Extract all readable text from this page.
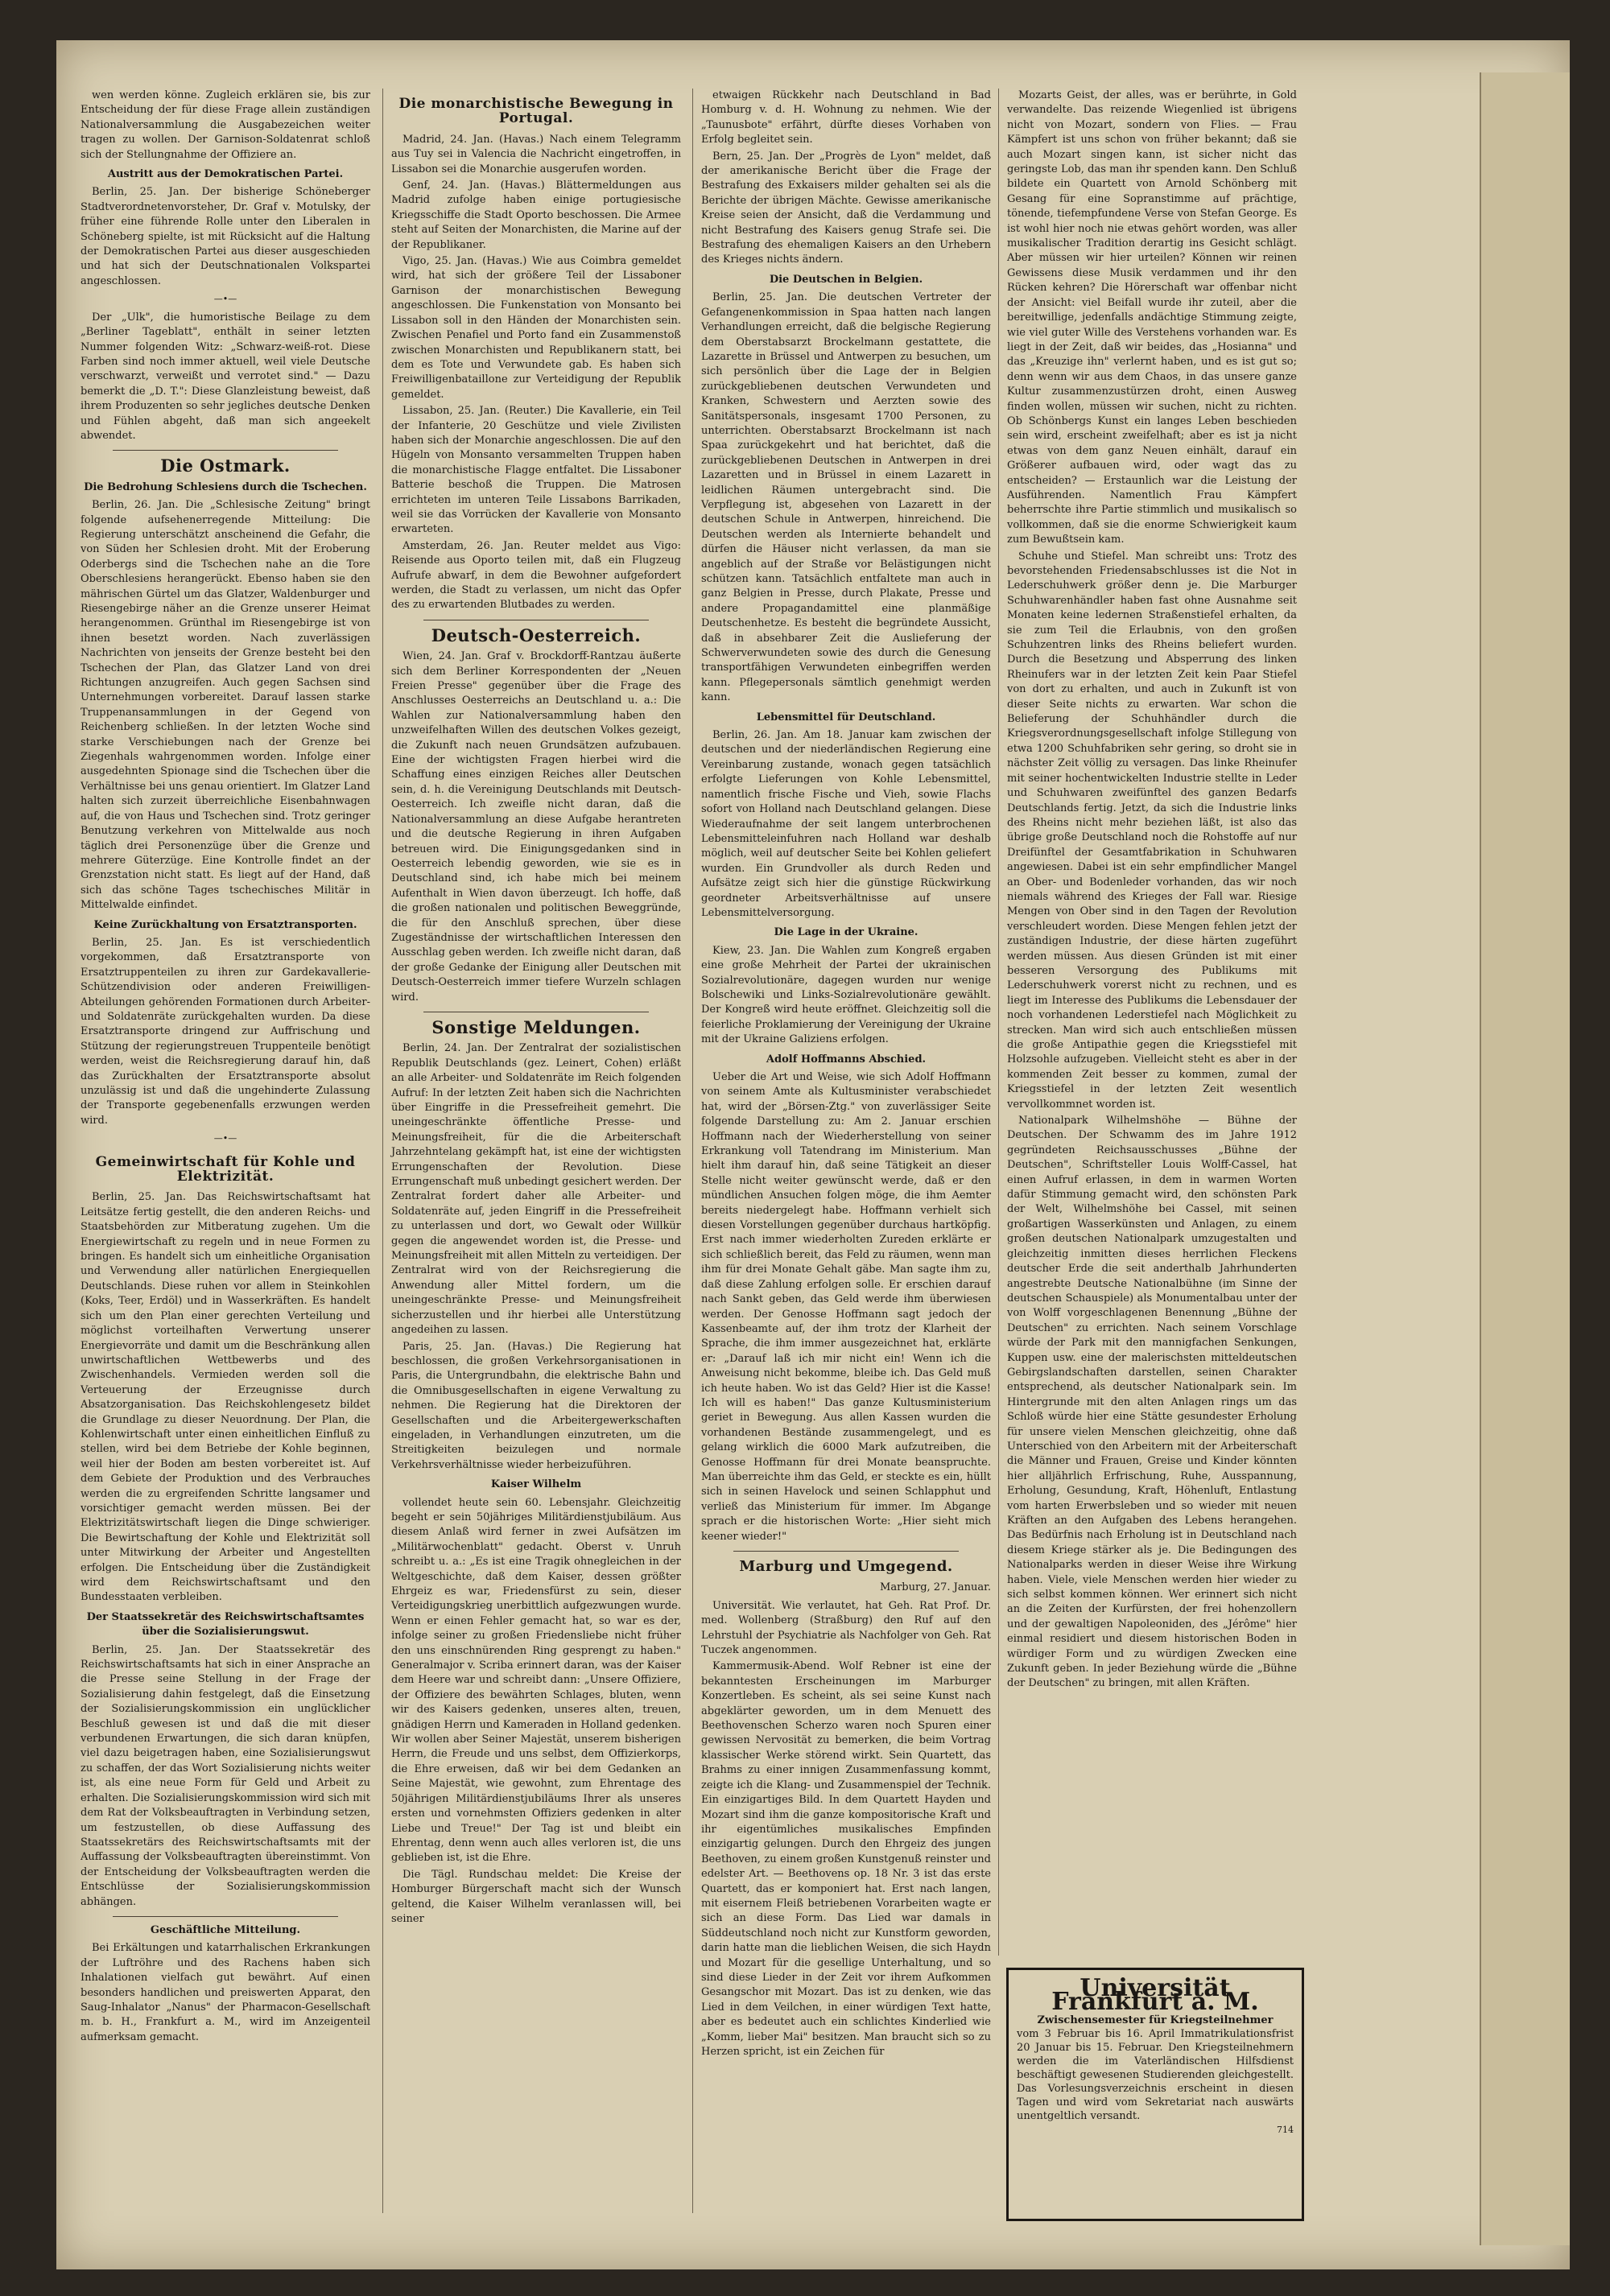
wen werden könne. Zugleich erklären sie, bis zur Entscheidung der für diese Frage allein zuständigen Nationalversammlung die Ausgabezeichen weiter tragen zu wollen. Der Garnison-Soldatenrat schloß sich der Stellungnahme der Offiziere an.

Austritt aus der Demokratischen Partei.

Berlin, 25. Jan. Der bisherige Schöneberger Stadtverordnetenvorsteher, Dr. Graf v. Motulsky, der früher eine führende Rolle unter den Liberalen in Schöneberg spielte, ist mit Rücksicht auf die Haltung der Demokratischen Partei aus dieser ausgeschieden und hat sich der Deutschnationalen Volkspartei angeschlossen.

—•—

Der „Ulk", die humoristische Beilage zu dem „Berliner Tageblatt", enthält in seiner letzten Nummer folgenden Witz: „Schwarz-weiß-rot. Diese Farben sind noch immer aktuell, weil viele Deutsche verschwarzt, verweißt und verrotet sind." — Dazu bemerkt die „D. T.": Diese Glanzleistung beweist, daß ihrem Produzenten so sehr jegliches deutsche Denken und Fühlen abgeht, daß man sich angeekelt abwendet.

Die Ostmark.
Die Bedrohung Schlesiens durch die Tschechen.

Berlin, 26. Jan. Die „Schlesische Zeitung" bringt folgende aufsehenerregende Mitteilung: Die Regierung unterschätzt anscheinend die Gefahr, die von Süden her Schlesien droht. Mit der Eroberung Oderbergs sind die Tschechen nahe an die Tore Oberschlesiens herangerückt. Ebenso haben sie den mährischen Gürtel um das Glatzer, Waldenburger und Riesengebirge näher an die Grenze unserer Heimat herangenommen. Grünthal im Riesengebirge ist von ihnen besetzt worden. Nach zuverlässigen Nachrichten von jenseits der Grenze besteht bei den Tschechen der Plan, das Glatzer Land von drei Richtungen anzugreifen. Auch gegen Sachsen sind Unternehmungen vorbereitet. Darauf lassen starke Truppenansammlungen in der Gegend von Reichenberg schließen. In der letzten Woche sind starke Verschiebungen nach der Grenze bei Ziegenhals wahrgenommen worden. Infolge einer ausgedehnten Spionage sind die Tschechen über die Verhältnisse bei uns genau orientiert. Im Glatzer Land halten sich zurzeit überreichliche Eisenbahnwagen auf, die von Haus und Tschechen sind. Trotz geringer Benutzung verkehren von Mittelwalde aus noch täglich drei Personenzüge über die Grenze und mehrere Güterzüge. Eine Kontrolle findet an der Grenzstation nicht statt. Es liegt auf der Hand, daß sich das schöne Tages tschechisches Militär in Mittelwalde einfindet.

Keine Zurückhaltung von Ersatztransporten.

Berlin, 25. Jan. Es ist verschiedentlich vorgekommen, daß Ersatztransporte von Ersatztruppenteilen zu ihren zur Gardekavallerie-Schützendivision oder anderen Freiwilligen-Abteilungen gehörenden Formationen durch Arbeiter- und Soldatenräte zurückgehalten wurden. Da diese Ersatztransporte dringend zur Auffrischung und Stützung der regierungstreuen Truppenteile benötigt werden, weist die Reichsregierung darauf hin, daß das Zurückhalten der Ersatztransporte absolut unzulässig ist und daß die ungehinderte Zulassung der Transporte gegebenenfalls erzwungen werden wird.

—•—
Gemeinwirtschaft für Kohle und Elektrizität.

Berlin, 25. Jan. Das Reichswirtschaftsamt hat Leitsätze fertig gestellt, die den anderen Reichs- und Staatsbehörden zur Mitberatung zugehen. Um die Energiewirtschaft zu regeln und in neue Formen zu bringen. Es handelt sich um einheitliche Organisation und Verwendung aller natürlichen Energiequellen Deutschlands. Diese ruhen vor allem in Steinkohlen (Koks, Teer, Erdöl) und in Wasserkräften. Es handelt sich um den Plan einer gerechten Verteilung und möglichst vorteilhaften Verwertung unserer Energievorräte und damit um die Beschränkung allen unwirtschaftlichen Wettbewerbs und des Zwischenhandels. Vermieden werden soll die Verteuerung der Erzeugnisse durch Absatzorganisation. Das Reichskohlengesetz bildet die Grundlage zu dieser Neuordnung. Der Plan, die Kohlenwirtschaft unter einen einheitlichen Einfluß zu stellen, wird bei dem Betriebe der Kohle beginnen, weil hier der Boden am besten vorbereitet ist. Auf dem Gebiete der Produktion und des Verbrauches werden die zu ergreifenden Schritte langsamer und vorsichtiger gemacht werden müssen. Bei der Elektrizitätswirtschaft liegen die Dinge schwieriger. Die Bewirtschaftung der Kohle und Elektrizität soll unter Mitwirkung der Arbeiter und Angestellten erfolgen. Die Entscheidung über die Zuständigkeit wird dem Reichswirtschaftsamt und den Bundesstaaten verbleiben.

Der Staatssekretär des Reichswirtschaftsamtes über die Sozialisierungswut.

Berlin, 25. Jan. Der Staatssekretär des Reichswirtschaftsamts hat sich in einer Ansprache an die Presse seine Stellung in der Frage der Sozialisierung dahin festgelegt, daß die Einsetzung der Sozialisierungskommission ein unglücklicher Beschluß gewesen ist und daß die mit dieser verbundenen Erwartungen, die sich daran knüpfen, viel dazu beigetragen haben, eine Sozialisierungswut zu schaffen, der das Wort Sozialisierung nichts weiter ist, als eine neue Form für Geld und Arbeit zu erhalten. Die Sozialisierungskommission wird sich mit dem Rat der Volksbeauftragten in Verbindung setzen, um festzustellen, ob diese Auffassung des Staatssekretärs des Reichswirtschaftsamts mit der Auffassung der Volksbeauftragten übereinstimmt. Von der Entscheidung der Volksbeauftragten werden die Entschlüsse der Sozialisierungskommission abhängen.

Geschäftliche Mitteilung.

Bei Erkältungen und katarrhalischen Erkrankungen der Luftröhre und des Rachens haben sich Inhalationen vielfach gut bewährt. Auf einen besonders handlichen und preiswerten Apparat, den Saug-Inhalator „Nanus" der Pharmacon-Gesellschaft m. b. H., Frankfurt a. M., wird im Anzeigenteil aufmerksam gemacht.

Die monarchistische Bewegung in Portugal.

Madrid, 24. Jan. (Havas.) Nach einem Telegramm aus Tuy sei in Valencia die Nachricht eingetroffen, in Lissabon sei die Monarchie ausgerufen worden.

Genf, 24. Jan. (Havas.) Blättermeldungen aus Madrid zufolge haben einige portugiesische Kriegsschiffe die Stadt Oporto beschossen. Die Armee steht auf Seiten der Monarchisten, die Marine auf der der Republikaner.

Vigo, 25. Jan. (Havas.) Wie aus Coimbra gemeldet wird, hat sich der größere Teil der Lissaboner Garnison der monarchistischen Bewegung angeschlossen. Die Funkenstation von Monsanto bei Lissabon soll in den Händen der Monarchisten sein. Zwischen Penafiel und Porto fand ein Zusammenstoß zwischen Monarchisten und Republikanern statt, bei dem es Tote und Verwundete gab. Es haben sich Freiwilligenbataillone zur Verteidigung der Republik gemeldet.

Lissabon, 25. Jan. (Reuter.) Die Kavallerie, ein Teil der Infanterie, 20 Geschütze und viele Zivilisten haben sich der Monarchie angeschlossen. Die auf den Hügeln von Monsanto versammelten Truppen haben die monarchistische Flagge entfaltet. Die Lissaboner Batterie beschoß die Truppen. Die Matrosen errichteten im unteren Teile Lissabons Barrikaden, weil sie das Vorrücken der Kavallerie von Monsanto erwarteten.

Amsterdam, 26. Jan. Reuter meldet aus Vigo: Reisende aus Oporto teilen mit, daß ein Flugzeug Aufrufe abwarf, in dem die Bewohner aufgefordert werden, die Stadt zu verlassen, um nicht das Opfer des zu erwartenden Blutbades zu werden.

Deutsch-Oesterreich.

Wien, 24. Jan. Graf v. Brockdorff-Rantzau äußerte sich dem Berliner Korrespondenten der „Neuen Freien Presse" gegenüber über die Frage des Anschlusses Oesterreichs an Deutschland u. a.: Die Wahlen zur Nationalversammlung haben den unzweifelhaften Willen des deutschen Volkes gezeigt, die Zukunft nach neuen Grundsätzen aufzubauen. Eine der wichtigsten Fragen hierbei wird die Schaffung eines einzigen Reiches aller Deutschen sein, d. h. die Vereinigung Deutschlands mit Deutsch-Oesterreich. Ich zweifle nicht daran, daß die Nationalversammlung an diese Aufgabe herantreten und die deutsche Regierung in ihren Aufgaben betreuen wird. Die Einigungsgedanken sind in Oesterreich lebendig geworden, wie sie es in Deutschland sind, ich habe mich bei meinem Aufenthalt in Wien davon überzeugt. Ich hoffe, daß die großen nationalen und politischen Beweggründe, die für den Anschluß sprechen, über diese Zugeständnisse der wirtschaftlichen Interessen den Ausschlag geben werden. Ich zweifle nicht daran, daß der große Gedanke der Einigung aller Deutschen mit Deutsch-Oesterreich immer tiefere Wurzeln schlagen wird.

Sonstige Meldungen.

Berlin, 24. Jan. Der Zentralrat der sozialistischen Republik Deutschlands (gez. Leinert, Cohen) erläßt an alle Arbeiter- und Soldatenräte im Reich folgenden Aufruf: In der letzten Zeit haben sich die Nachrichten über Eingriffe in die Pressefreiheit gemehrt. Die uneingeschränkte öffentliche Presse- und Meinungsfreiheit, für die die Arbeiterschaft Jahrzehntelang gekämpft hat, ist eine der wichtigsten Errungenschaften der Revolution. Diese Errungenschaft muß unbedingt gesichert werden. Der Zentralrat fordert daher alle Arbeiter- und Soldatenräte auf, jeden Eingriff in die Pressefreiheit zu unterlassen und dort, wo Gewalt oder Willkür gegen die angewendet worden ist, die Presse- und Meinungsfreiheit mit allen Mitteln zu verteidigen. Der Zentralrat wird von der Reichsregierung die Anwendung aller Mittel fordern, um die uneingeschränkte Presse- und Meinungsfreiheit sicherzustellen und ihr hierbei alle Unterstützung angedeihen zu lassen.

Paris, 25. Jan. (Havas.) Die Regierung hat beschlossen, die großen Verkehrsorganisationen in Paris, die Untergrundbahn, die elektrische Bahn und die Omnibusgesellschaften in eigene Verwaltung zu nehmen. Die Regierung hat die Direktoren der Gesellschaften und die Arbeitergewerkschaften eingeladen, in Verhandlungen einzutreten, um die Streitigkeiten beizulegen und normale Verkehrsverhältnisse wieder herbeizuführen.

Kaiser Wilhelm

vollendet heute sein 60. Lebensjahr. Gleichzeitig begeht er sein 50jähriges Militärdienstjubiläum. Aus diesem Anlaß wird ferner in zwei Aufsätzen im „Militärwochenblatt" gedacht. Oberst v. Unruh schreibt u. a.: „Es ist eine Tragik ohnegleichen in der Weltgeschichte, daß dem Kaiser, dessen größter Ehrgeiz es war, Friedensfürst zu sein, dieser Verteidigungskrieg unerbittlich aufgezwungen wurde. Wenn er einen Fehler gemacht hat, so war es der, infolge seiner zu großen Friedensliebe nicht früher den uns einschnürenden Ring gesprengt zu haben." Generalmajor v. Scriba erinnert daran, was der Kaiser dem Heere war und schreibt dann: „Unsere Offiziere, der Offiziere des bewährten Schlages, bluten, wenn wir des Kaisers gedenken, unseres alten, treuen, gnädigen Herrn und Kameraden in Holland gedenken. Wir wollen aber Seiner Majestät, unserem bisherigen Herrn, die Freude und uns selbst, dem Offizierkorps, die Ehre erweisen, daß wir bei dem Gedanken an Seine Majestät, wie gewohnt, zum Ehrentage des 50jährigen Militärdienstjubiläums Ihrer als unseres ersten und vornehmsten Offiziers gedenken in alter Liebe und Treue!" Der Tag ist und bleibt ein Ehrentag, denn wenn auch alles verloren ist, die uns geblieben ist, ist die Ehre.

Die Tägl. Rundschau meldet: Die Kreise der Homburger Bürgerschaft macht sich der Wunsch geltend, die Kaiser Wilhelm veranlassen will, bei seiner

etwaigen Rückkehr nach Deutschland in Bad Homburg v. d. H. Wohnung zu nehmen. Wie der „Taunusbote" erfährt, dürfte dieses Vorhaben von Erfolg begleitet sein.

Bern, 25. Jan. Der „Progrès de Lyon" meldet, daß der amerikanische Bericht über die Frage der Bestrafung des Exkaisers milder gehalten sei als die Berichte der übrigen Mächte. Gewisse amerikanische Kreise seien der Ansicht, daß die Verdammung und nicht Bestrafung des Kaisers genug Strafe sei. Die Bestrafung des ehemaligen Kaisers an den Urhebern des Krieges nichts ändern.

Die Deutschen in Belgien.

Berlin, 25. Jan. Die deutschen Vertreter der Gefangenenkommission in Spaa hatten nach langen Verhandlungen erreicht, daß die belgische Regierung dem Oberstabsarzt Brockelmann gestattete, die Lazarette in Brüssel und Antwerpen zu besuchen, um sich persönlich über die Lage der in Belgien zurückgebliebenen deutschen Verwundeten und Kranken, Schwestern und Aerzten sowie des Sanitätspersonals, insgesamt 1700 Personen, zu unterrichten. Oberstabsarzt Brockelmann ist nach Spaa zurückgekehrt und hat berichtet, daß die zurückgebliebenen Deutschen in Antwerpen in drei Lazaretten und in Brüssel in einem Lazarett in leidlichen Räumen untergebracht sind. Die Verpflegung ist, abgesehen von Lazarett in der deutschen Schule in Antwerpen, hinreichend. Die Deutschen werden als Internierte behandelt und dürfen die Häuser nicht verlassen, da man sie angeblich auf der Straße vor Belästigungen nicht schützen kann. Tatsächlich entfaltete man auch in ganz Belgien in Presse, durch Plakate, Presse und andere Propagandamittel eine planmäßige Deutschenhetze. Es besteht die begründete Aussicht, daß in absehbarer Zeit die Auslieferung der Schwerverwundeten sowie des durch die Genesung transportfähigen Verwundeten einbegriffen werden kann. Pflegepersonals sämtlich genehmigt werden kann.

Lebensmittel für Deutschland.

Berlin, 26. Jan. Am 18. Januar kam zwischen der deutschen und der niederländischen Regierung eine Vereinbarung zustande, wonach gegen tatsächlich erfolgte Lieferungen von Kohle Lebensmittel, namentlich frische Fische und Vieh, sowie Flachs sofort von Holland nach Deutschland gelangen. Diese Wiederaufnahme der seit langem unterbrochenen Lebensmitteleinfuhren nach Holland war deshalb möglich, weil auf deutscher Seite bei Kohlen geliefert wurden. Ein Grundvoller als durch Reden und Aufsätze zeigt sich hier die günstige Rückwirkung geordneter Arbeitsverhältnisse auf unsere Lebensmittelversorgung.

Die Lage in der Ukraine.

Kiew, 23. Jan. Die Wahlen zum Kongreß ergaben eine große Mehrheit der Partei der ukrainischen Sozialrevolutionäre, dagegen wurden nur wenige Bolschewiki und Links-Sozialrevolutionäre gewählt. Der Kongreß wird heute eröffnet. Gleichzeitig soll die feierliche Proklamierung der Vereinigung der Ukraine mit der Ukraine Galiziens erfolgen.

Adolf Hoffmanns Abschied.

Ueber die Art und Weise, wie sich Adolf Hoffmann von seinem Amte als Kultusminister verabschiedet hat, wird der „Börsen-Ztg." von zuverlässiger Seite folgende Darstellung zu: Am 2. Januar erschien Hoffmann nach der Wiederherstellung von seiner Erkrankung voll Tatendrang im Ministerium. Man hielt ihm darauf hin, daß seine Tätigkeit an dieser Stelle nicht weiter gewünscht werde, daß er den mündlichen Ansuchen folgen möge, die ihm Aemter bereits niedergelegt habe. Hoffmann verhielt sich diesen Vorstellungen gegenüber durchaus hartköpfig. Erst nach immer wiederholten Zureden erklärte er sich schließlich bereit, das Feld zu räumen, wenn man ihm für drei Monate Gehalt gäbe. Man sagte ihm zu, daß diese Zahlung erfolgen solle. Er erschien darauf nach Sankt geben, das Geld werde ihm überwiesen werden. Der Genosse Hoffmann sagt jedoch der Kassenbeamte auf, der ihm trotz der Klarheit der Sprache, die ihm immer ausgezeichnet hat, erklärte er: „Darauf laß ich mir nicht ein! Wenn ich die Anweisung nicht bekomme, bleibe ich. Das Geld muß ich heute haben. Wo ist das Geld? Hier ist die Kasse! Ich will es haben!" Das ganze Kultusministerium geriet in Bewegung. Aus allen Kassen wurden die vorhandenen Bestände zusammengelegt, und es gelang wirklich die 6000 Mark aufzutreiben, die Genosse Hoffmann für drei Monate beanspruchte. Man überreichte ihm das Geld, er steckte es ein, hüllt sich in seinen Havelock und seinen Schlapphut und verließ das Ministerium für immer. Im Abgange sprach er die historischen Worte: „Hier sieht mich keener wieder!"

Marburg und Umgegend.
Marburg, 27. Januar.

Universität. Wie verlautet, hat Geh. Rat Prof. Dr. med. Wollenberg (Straßburg) den Ruf auf den Lehrstuhl der Psychiatrie als Nachfolger von Geh. Rat Tuczek angenommen.

Kammermusik-Abend. Wolf Rebner ist eine der bekanntesten Erscheinungen im Marburger Konzertleben. Es scheint, als sei seine Kunst nach abgeklärter geworden, um in dem Menuett des Beethovenschen Scherzo waren noch Spuren einer gewissen Nervosität zu bemerken, die beim Vortrag klassischer Werke störend wirkt. Sein Quartett, das Brahms zu einer innigen Zusammenfassung kommt, zeigte ich die Klang- und Zusammenspiel der Technik. Ein einzigartiges Bild. In dem Quartett Hayden und Mozart sind ihm die ganze kompositorische Kraft und ihr eigentümliches musikalisches Empfinden einzigartig gelungen. Durch den Ehrgeiz des jungen Beethoven, zu einem großen Kunstgenuß reinster und edelster Art. — Beethovens op. 18 Nr. 3 ist das erste Quartett, das er komponiert hat. Erst nach langen, mit eisernem Fleiß betriebenen Vorarbeiten wagte er sich an diese Form. Das Lied war damals in Süddeutschland noch nicht zur Kunstform geworden, darin hatte man die lieblichen Weisen, die sich Haydn und Mozart für die gesellige Unterhaltung, und so sind diese Lieder in der Zeit vor ihrem Aufkommen Gesangschor mit Mozart. Das ist zu denken, wie das Lied in dem Veilchen, in einer würdigen Text hatte, aber es bedeutet auch ein schlichtes Kinderlied wie „Komm, lieber Mai" besitzen. Man braucht sich so zu Herzen spricht, ist ein Zeichen für

Mozarts Geist, der alles, was er berührte, in Gold verwandelte. Das reizende Wiegenlied ist übrigens nicht von Mozart, sondern von Flies. — Frau Kämpfert ist uns schon von früher bekannt; daß sie auch Mozart singen kann, ist sicher nicht das geringste Lob, das man ihr spenden kann. Den Schluß bildete ein Quartett von Arnold Schönberg mit Gesang für eine Sopranstimme auf prächtige, tönende, tiefempfundene Verse von Stefan George. Es ist wohl hier noch nie etwas gehört worden, was aller musikalischer Tradition derartig ins Gesicht schlägt. Aber müssen wir hier urteilen? Können wir reinen Gewissens diese Musik verdammen und ihr den Rücken kehren? Die Hörerschaft war offenbar nicht der Ansicht: viel Beifall wurde ihr zuteil, aber die bereitwillige, jedenfalls andächtige Stimmung zeigte, wie viel guter Wille des Verstehens vorhanden war. Es liegt in der Zeit, daß wir beides, das „Hosianna" und das „Kreuzige ihn" verlernt haben, und es ist gut so; denn wenn wir aus dem Chaos, in das unsere ganze Kultur zusammenzustürzen droht, einen Ausweg finden wollen, müssen wir suchen, nicht zu richten. Ob Schönbergs Kunst ein langes Leben beschieden sein wird, erscheint zweifelhaft; aber es ist ja nicht etwas von dem ganz Neuen einhält, darauf ein Größerer aufbauen wird, oder wagt das zu entscheiden? — Erstaunlich war die Leistung der Ausführenden. Namentlich Frau Kämpfert beherrschte ihre Partie stimmlich und musikalisch so vollkommen, daß sie die enorme Schwierigkeit kaum zum Bewußtsein kam.

Schuhe und Stiefel. Man schreibt uns: Trotz des bevorstehenden Friedensabschlusses ist die Not in Lederschuhwerk größer denn je. Die Marburger Schuhwarenhändler haben fast ohne Ausnahme seit Monaten keine ledernen Straßenstiefel erhalten, da sie zum Teil die Erlaubnis, von den großen Schuhzentren links des Rheins beliefert wurden. Durch die Besetzung und Absperrung des linken Rheinufers war in der letzten Zeit kein Paar Stiefel von dort zu erhalten, und auch in Zukunft ist von dieser Seite nichts zu erwarten. War schon die Belieferung der Schuhhändler durch die Kriegsverordnungsgesellschaft infolge Stillegung von etwa 1200 Schuhfabriken sehr gering, so droht sie in nächster Zeit völlig zu versagen. Das linke Rheinufer mit seiner hochentwickelten Industrie stellte in Leder und Schuhwaren zweifünftel des ganzen Bedarfs Deutschlands fertig. Jetzt, da sich die Industrie links des Rheins nicht mehr beziehen läßt, ist also das übrige große Deutschland noch die Rohstoffe auf nur Dreifünftel der Gesamtfabrikation in Schuhwaren angewiesen. Dabei ist ein sehr empfindlicher Mangel an Ober- und Bodenleder vorhanden, das wir noch niemals während des Krieges der Fall war. Riesige Mengen von Ober sind in den Tagen der Revolution verschleudert worden. Diese Mengen fehlen jetzt der zuständigen Industrie, der diese härten zugeführt werden müssen. Aus diesen Gründen ist mit einer besseren Versorgung des Publikums mit Lederschuhwerk vorerst nicht zu rechnen, und es liegt im Interesse des Publikums die Lebensdauer der noch vorhandenen Lederstiefel nach Möglichkeit zu strecken. Man wird sich auch entschließen müssen die große Antipathie gegen die Kriegsstiefel mit Holzsohle aufzugeben. Vielleicht steht es aber in der kommenden Zeit besser zu kommen, zumal der Kriegsstiefel in der letzten Zeit wesentlich vervollkommnet worden ist.

Nationalpark Wilhelmshöhe — Bühne der Deutschen. Der Schwamm des im Jahre 1912 gegründeten Reichsausschusses „Bühne der Deutschen", Schriftsteller Louis Wolff-Cassel, hat einen Aufruf erlassen, in dem in warmen Worten dafür Stimmung gemacht wird, den schönsten Park der Welt, Wilhelmshöhe bei Cassel, mit seinen großartigen Wasserkünsten und Anlagen, zu einem großen deutschen Nationalpark umzugestalten und gleichzeitig inmitten dieses herrlichen Fleckens deutscher Erde die seit anderthalb Jahrhunderten angestrebte Deutsche Nationalbühne (im Sinne der deutschen Schauspiele) als Monumentalbau unter der von Wolff vorgeschlagenen Benennung „Bühne der Deutschen" zu errichten. Nach seinem Vorschlage würde der Park mit den mannigfachen Senkungen, Kuppen usw. eine der malerischsten mitteldeutschen Gebirgslandschaften darstellen, seinen Charakter entsprechend, als deutscher Nationalpark sein. Im Hintergrunde mit den alten Anlagen rings um das Schloß würde hier eine Stätte gesundester Erholung für unsere vielen Menschen gleichzeitig, ohne daß Unterschied von den Arbeitern mit der Arbeiterschaft die Männer und Frauen, Greise und Kinder könnten hier alljährlich Erfrischung, Ruhe, Ausspannung, Erholung, Gesundung, Kraft, Höhenluft, Entlastung vom harten Erwerbsleben und so wieder mit neuen Kräften an den Aufgaben des Lebens herangehen. Das Bedürfnis nach Erholung ist in Deutschland nach diesem Kriege stärker als je. Die Bedingungen des Nationalparks werden in dieser Weise ihre Wirkung haben. Viele, viele Menschen werden hier wieder zu sich selbst kommen können. Wer erinnert sich nicht an die Zeiten der Kurfürsten, der frei hohenzollern und der gewaltigen Napoleoniden, des „Jérôme" hier einmal residiert und diesem historischen Boden in würdiger Form und zu würdigen Zwecken eine Zukunft geben. In jeder Beziehung würde die „Bühne der Deutschen" zu bringen, mit allen Kräften.

Universität Frankfurt a. M.
Zwischensemester für Kriegsteilnehmer
vom 3 Februar bis 16. April Immatrikulationsfrist 20 Januar bis 15. Februar. Den Kriegsteilnehmern werden die im Vaterländischen Hilfsdienst beschäftigt gewesenen Studierenden gleichgestellt. Das Vorlesungsverzeichnis erscheint in diesen Tagen und wird vom Sekretariat nach auswärts unentgeltlich versandt.
714
